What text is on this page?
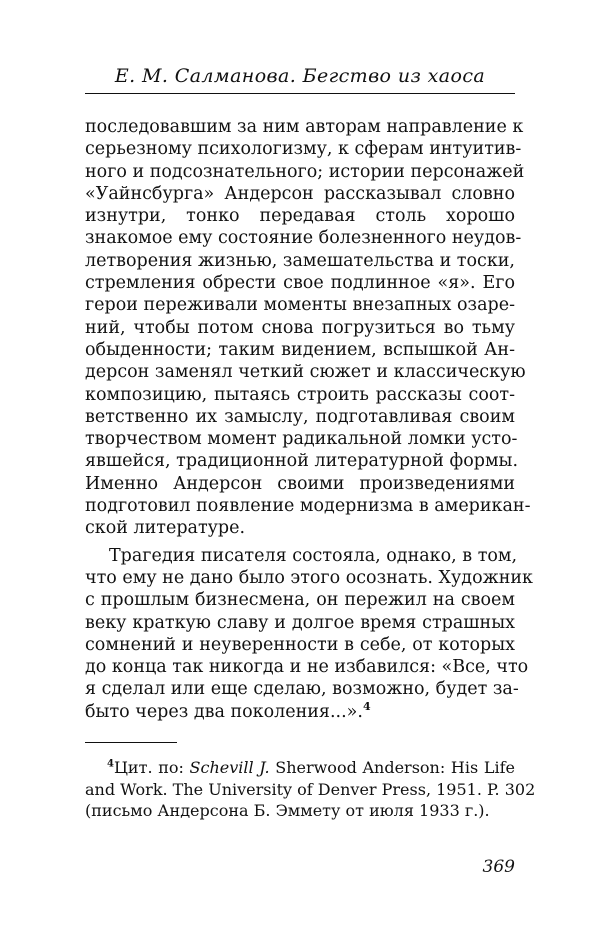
Е. М. Салманова. Бегство из хаоса

последовавшим за ним авторам направление к
серьезному психологизму, к сферам интуитив-
ного и подсознательного; истории персонажей
«Уайнсбурга» Андерсон рассказывал словно
изнутри, тонко передавая столь хорошо
знакомое ему состояние болезненного неудов-
летворения жизнью, замешательства и тоски,
стремления обрести свое подлинное «я». Его
герои переживали моменты внезапных озаре-
ний, чтобы потом снова погрузиться во тьму
обыденности; таким видением, вспышкой Ан-
дерсон заменял четкий сюжет и классическую
композицию, пытаясь строить рассказы соот-
ветственно их замыслу, подготавливая своим
творчеством момент радикальной ломки усто-
явшейся, традиционной литературной формы.
Именно Андерсон своими произведениями
подготовил появление модернизма в американ-
ской литературе.

Трагедия писателя состояла, однако, в том,
что ему не дано было этого осознать. Художник
с прошлым бизнесмена, он пережил на своем
веку краткую славу и долгое время страшных
сомнений и неуверенности в себе, от которых
до конца так никогда и не избавился: «Все, что
я сделал или еще сделаю, возможно, будет за-
быто через два поколения...».$^4$

$^4$Цит. по: Schevill J. Sherwood Anderson: His Life
and Work. The University of Denver Press, 1951. P. 302
(письмо Андерсона Б. Эммету от июля 1933 г.).
369
